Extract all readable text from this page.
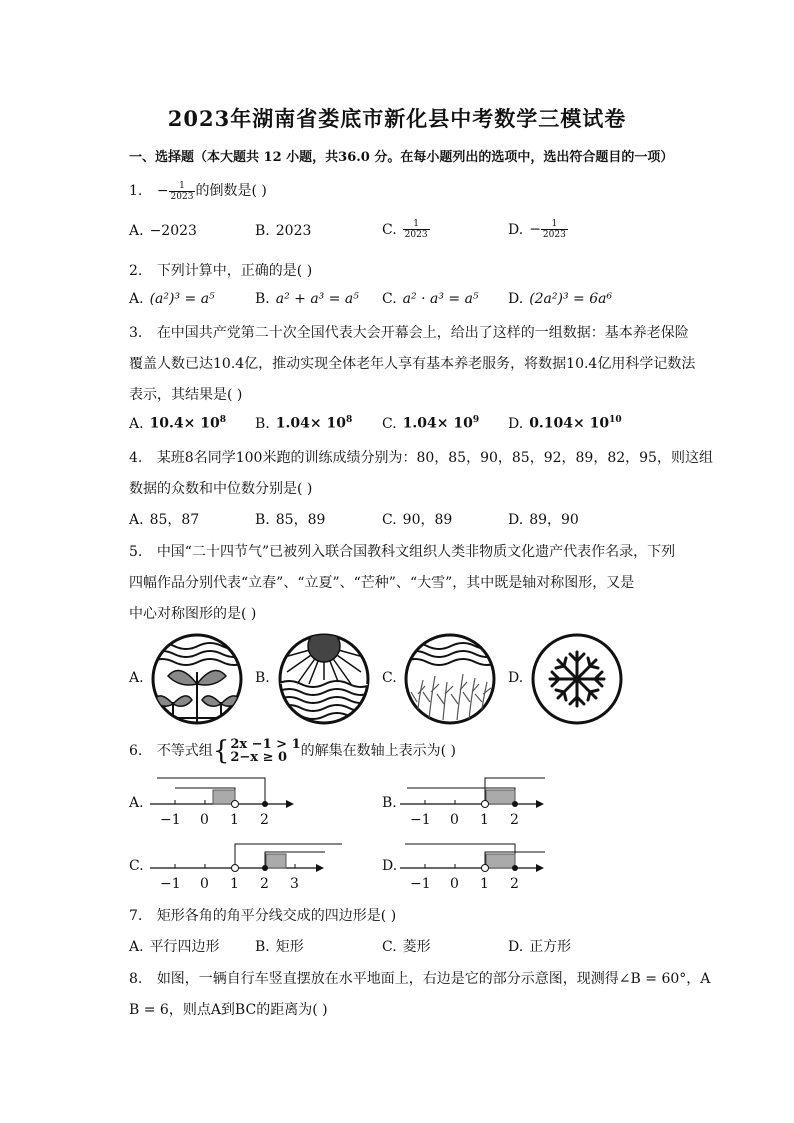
2023年湖南省娄底市新化县中考数学三模试卷
一、选择题（本大题共 12 小题，共36.0 分。在每小题列出的选项中，选出符合题目的一项）
1. − $\frac{1}{2023}$ 的倒数是( )
A. −2023	B. 2023	C. $\frac{1}{2023}$	D. − $\frac{1}{2023}$
2. 下列计算中，正确的是( )
A. (a²)³ = a⁵	B. a² + a³ = a⁵ C. a² · a³ = a⁵ D. (2a²)³ = 6a⁶
3. 在中国共产党第二十次全国代表大会开幕会上，给出了这样的一组数据：基本养老保险
覆盖人数已达10.4亿，推动实现全体老年人享有基本养老服务，将数据10.4亿用科学记数法
表示，其结果是( )
A. $10.4\times 10^8$ B. $1.04\times 10^8$ C. $1.04\times 10^9$ D. $0.104\times 10^{10}$
4. 某班8名同学100米跑的训练成绩分别为：80，85，90，85，92，89，82，95，则这组
数据的众数和中位数分别是( )
A. 85，87	B. 85，89	C. 90，89	D. 89，90
5. 中国“二十四节气”已被列入联合国教科文组织人类非物质文化遗产代表作名录，下列
四幅作品分别代表“立春”、“立夏”、“芒种”、“大雪”，其中既是轴对称图形，又是
中心对称图形的是( )
A.	B.	C.	D.
6. 不等式组{ 2x −1 > 1
2−x ≥ 0 的解集在数轴上表示为( )
A.
−1 0 1 2
B.
−1 0 1 2
C.
−1 0 1 2 3
D.
−1 0 1 2
7. 矩形各角的角平分线交成的四边形是( )
A. 平行四边形	B. 矩形	C. 菱形	D. 正方形
8. 如图，一辆自行车竖直摆放在水平地面上，右边是它的部分示意图，现测得∠B = 60°，A
B = 6，则点A到BC的距离为( )
